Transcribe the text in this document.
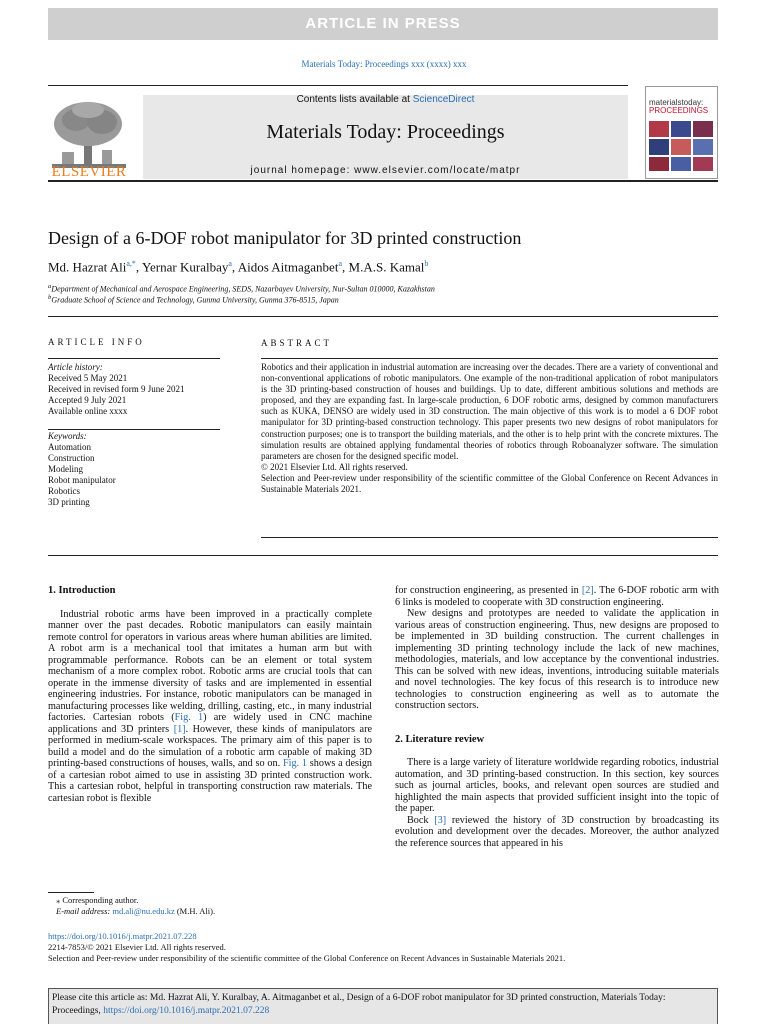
ARTICLE IN PRESS
Materials Today: Proceedings xxx (xxxx) xxx
ELSEVIER
Contents lists available at ScienceDirect
Materials Today: Proceedings
journal homepage: www.elsevier.com/locate/matpr
materialstoday:
PROCEEDINGS
Design of a 6-DOF robot manipulator for 3D printed construction
Md. Hazrat Ali$^{a,*}$, Yernar Kuralbay$^a$, Aidos Aitmaganbet$^a$, M.A.S. Kamal$^b$
$^a$Department of Mechanical and Aerospace Engineering, SEDS, Nazarbayev University, Nur-Sultan 010000, Kazakhstan
$^b$Graduate School of Science and Technology, Gunma University, Gunma 376-8515, Japan
ARTICLE INFO	ABSTRACT
Article history:
Received 5 May 2021
Received in revised form 9 June 2021
Accepted 9 July 2021
Available online xxxx
Keywords:
Automation
Construction
Modeling
Robot manipulator
Robotics
3D printing
Robotics and their application in industrial automation are increasing over the decades. There are a variety of conventional and non-conventional applications of robotic manipulators. One example of the non-traditional application of robot manipulators is the 3D printing-based construction of houses and buildings. Up to date, different ambitious solutions and methods are proposed, and they are expanding fast. In large-scale production, 6 DOF robotic arms, designed by common manufacturers such as KUKA, DENSO are widely used in 3D construction. The main objective of this work is to model a 6 DOF robot manipulator for 3D printing-based construction technology. This paper presents two new designs of robot manipulators for construction purposes; one is to transport the building materials, and the other is to help print with the concrete mixtures. The simulation results are obtained applying fundamental theories of robotics through Roboanalyzer software. The simulation parameters are chosen for the designed specific model.
© 2021 Elsevier Ltd. All rights reserved.
Selection and Peer-review under responsibility of the scientific committee of the Global Conference on Recent Advances in Sustainable Materials 2021.
1. Introduction
Industrial robotic arms have been improved in a practically complete manner over the past decades. Robotic manipulators can easily maintain remote control for operators in various areas where human abilities are limited. A robot arm is a mechanical tool that imitates a human arm but with programmable performance. Robots can be an element or total system mechanism of a more complex robot. Robotic arms are crucial tools that can operate in the immense diversity of tasks and are implemented in essential engineering industries. For instance, robotic manipulators can be managed in manufacturing processes like welding, drilling, casting, etc., in many industrial factories. Cartesian robots (Fig. 1) are widely used in CNC machine applications and 3D printers [1]. However, these kinds of manipulators are performed in medium-scale workspaces. The primary aim of this paper is to build a model and do the simulation of a robotic arm capable of making 3D printing-based constructions of houses, walls, and so on. Fig. 1 shows a design of a cartesian robot aimed to use in assisting 3D printed construction work. This a cartesian robot, helpful in transporting construction raw materials. The cartesian robot is flexible
for construction engineering, as presented in [2]. The 6-DOF robotic arm with 6 links is modeled to cooperate with 3D construction engineering.
New designs and prototypes are needed to validate the application in various areas of construction engineering. Thus, new designs are proposed to be implemented in 3D building construction. The current challenges in implementing 3D printing technology include the lack of new machines, methodologies, materials, and low acceptance by the conventional industries. This can be solved with new ideas, inventions, introducing suitable materials and novel technologies. The key focus of this research is to introduce new technologies to construction engineering as well as to automate the construction sectors.
2. Literature review
There is a large variety of literature worldwide regarding robotics, industrial automation, and 3D printing-based construction. In this section, key sources such as journal articles, books, and relevant open sources are studied and highlighted the main aspects that provided sufficient insight into the topic of the paper.
Bock [3] reviewed the history of 3D construction by broadcasting its evolution and development over the decades. Moreover, the author analyzed the reference sources that appeared in his
⁎ Corresponding author.
E-mail address: md.ali@nu.edu.kz (M.H. Ali).
https://doi.org/10.1016/j.matpr.2021.07.228
2214-7853/© 2021 Elsevier Ltd. All rights reserved.
Selection and Peer-review under responsibility of the scientific committee of the Global Conference on Recent Advances in Sustainable Materials 2021.
Please cite this article as: Md. Hazrat Ali, Y. Kuralbay, A. Aitmaganbet et al., Design of a 6-DOF robot manipulator for 3D printed construction, Materials Today: Proceedings, https://doi.org/10.1016/j.matpr.2021.07.228
